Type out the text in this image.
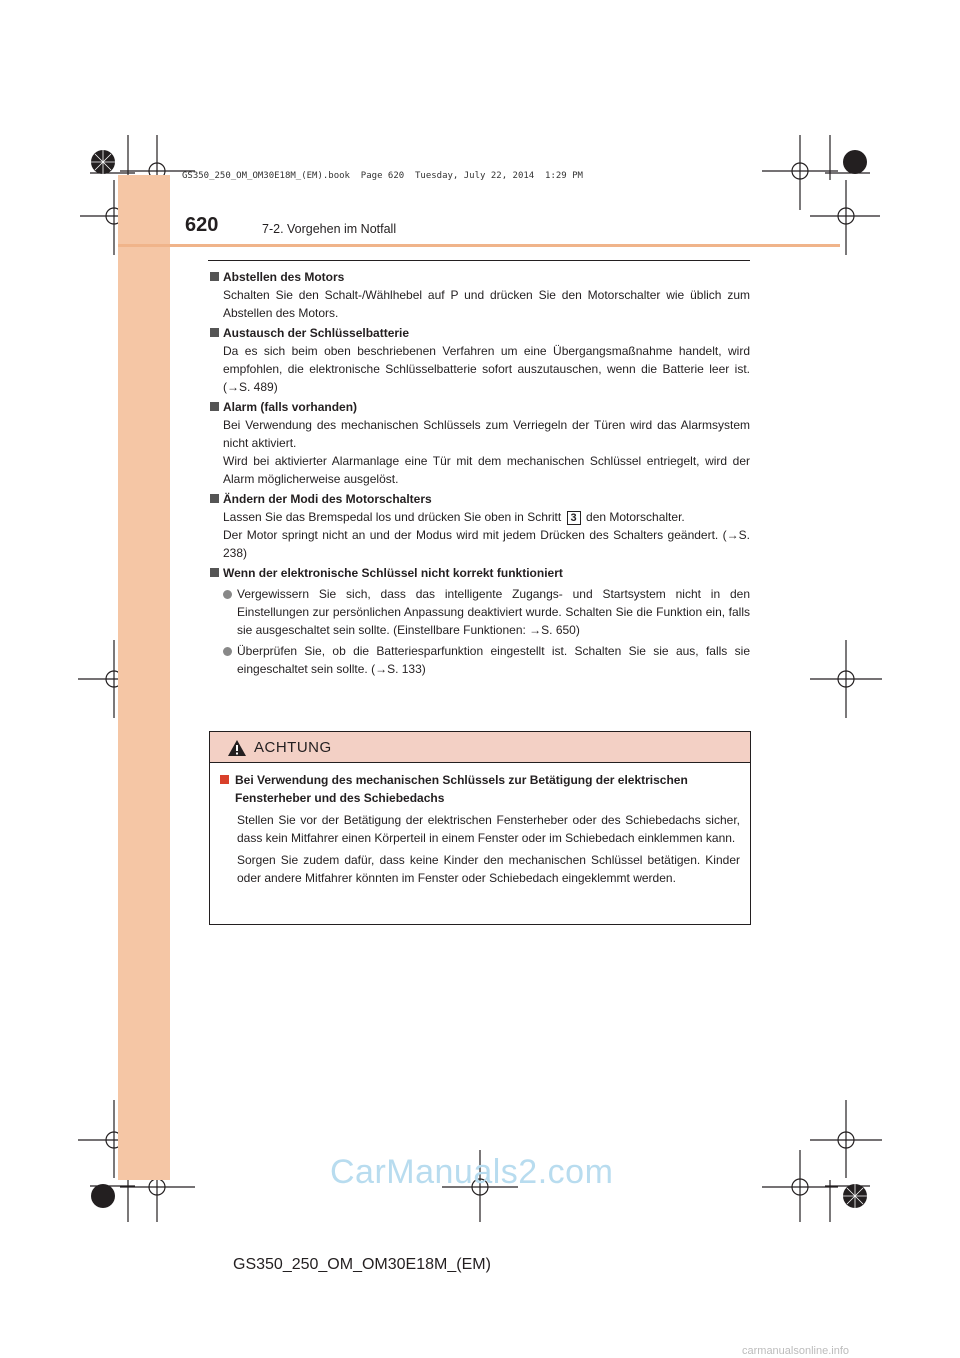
GS350_250_OM_OM30E18M_(EM).book  Page 620  Tuesday, July 22, 2014  1:29 PM
620	7-2. Vorgehen im Notfall
Abstellen des Motors

Schalten Sie den Schalt-/Wählhebel auf P und drücken Sie den Motorschalter wie üblich zum Abstellen des Motors.

Austausch der Schlüsselbatterie

Da es sich beim oben beschriebenen Verfahren um eine Übergangsmaßnahme handelt, wird empfohlen, die elektronische Schlüsselbatterie sofort auszutauschen, wenn die Batterie leer ist. (→S. 489)

Alarm (falls vorhanden)

Bei Verwendung des mechanischen Schlüssels zum Verriegeln der Türen wird das Alarmsystem nicht aktiviert.

Wird bei aktivierter Alarmanlage eine Tür mit dem mechanischen Schlüssel entriegelt, wird der Alarm möglicherweise ausgelöst.

Ändern der Modi des Motorschalters

Lassen Sie das Bremspedal los und drücken Sie oben in Schritt 3 den Motorschalter.

Der Motor springt nicht an und der Modus wird mit jedem Drücken des Schalters geändert. (→S. 238)

Wenn der elektronische Schlüssel nicht korrekt funktioniert
Vergewissern Sie sich, dass das intelligente Zugangs- und Startsystem nicht in den Einstellungen zur persönlichen Anpassung deaktiviert wurde. Schalten Sie die Funktion ein, falls sie ausgeschaltet sein sollte. (Einstellbare Funktionen: →S. 650)
Überprüfen Sie, ob die Batteriesparfunktion eingestellt ist. Schalten Sie sie aus, falls sie eingeschaltet sein sollte. (→S. 133)
ACHTUNG
Bei Verwendung des mechanischen Schlüssels zur Betätigung der elektrischen Fensterheber und des Schiebedachs

Stellen Sie vor der Betätigung der elektrischen Fensterheber oder des Schiebedachs sicher, dass kein Mitfahrer einen Körperteil in einem Fenster oder im Schiebedach einklemmen kann.

Sorgen Sie zudem dafür, dass keine Kinder den mechanischen Schlüssel betätigen. Kinder oder andere Mitfahrer könnten im Fenster oder Schiebedach eingeklemmt werden.

CarManuals2.com
GS350_250_OM_OM30E18M_(EM)
carmanualsonline.info
